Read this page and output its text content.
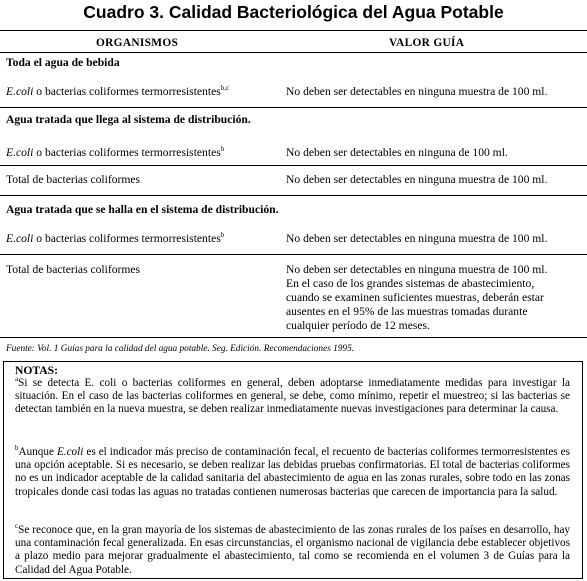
Cuadro 3. Calidad Bacteriológica del Agua Potable
ORGANISMOS	VALOR GUÍA
Toda el agua de bebida
E.coli o bacterias coliformes termorresistentes$^{b,c}$	No deben ser detectables en ninguna muestra de 100 ml.
Agua tratada que llega al sistema de distribución.
E.coli o bacterias coliformes termorresistentes$^b$	No deben ser detectables en ninguna de 100 ml.
Total de bacterias coliformes	No deben ser detectables en ninguna muestra de 100 ml.
Agua tratada que se halla en el sistema de distribución.
E.coli o bacterias coliformes termorresistentes$^b$	No deben ser detectables en ninguna muestra de 100 ml.
Total de bacterias coliformes	No deben ser detectables en ninguna muestra de 100 ml.
En el caso de los grandes sistemas de abastecimiento,
cuando se examinen suficientes muestras, deberán estar
ausentes en el 95% de las muestras tomadas durante
cualquier período de 12 meses.
Fuente: Vol. 1 Guías para la calidad del agua potable. Seg. Edición. Recomendaciones 1995.
NOTAS:
$^a$Si se detecta E. coli o bacterias coliformes en general, deben adoptarse inmediatamente medidas para investigar la situación. En el caso de las bacterias coliformes en general, se debe, como mínimo, repetir el muestreo; si las bacterias se detectan también en la nueva muestra, se deben realizar inmediatamente nuevas investigaciones para determinar la causa.
$^b$Aunque E.coli es el indicador más preciso de contaminación fecal, el recuento de bacterias coliformes termorresistentes es una opción aceptable. Si es necesario, se deben realizar las debidas pruebas confirmatorias. El total de bacterias coliformes no es un indicador aceptable de la calidad sanitaria del abastecimiento de agua en las zonas rurales, sobre todo en las zonas tropicales donde casi todas las aguas no tratadas contienen numerosas bacterias que carecen de importancia para la salud.
$^c$Se reconoce que, en la gran mayoría de los sistemas de abastecimiento de las zonas rurales de los países en desarrollo, hay una contaminación fecal generalizada. En esas circunstancias, el organismo nacional de vigilancia debe establecer objetivos a plazo medio para mejorar gradualmente el abastecimiento, tal como se recomienda en el volumen 3 de Guías para la Calidad del Agua Potable.
